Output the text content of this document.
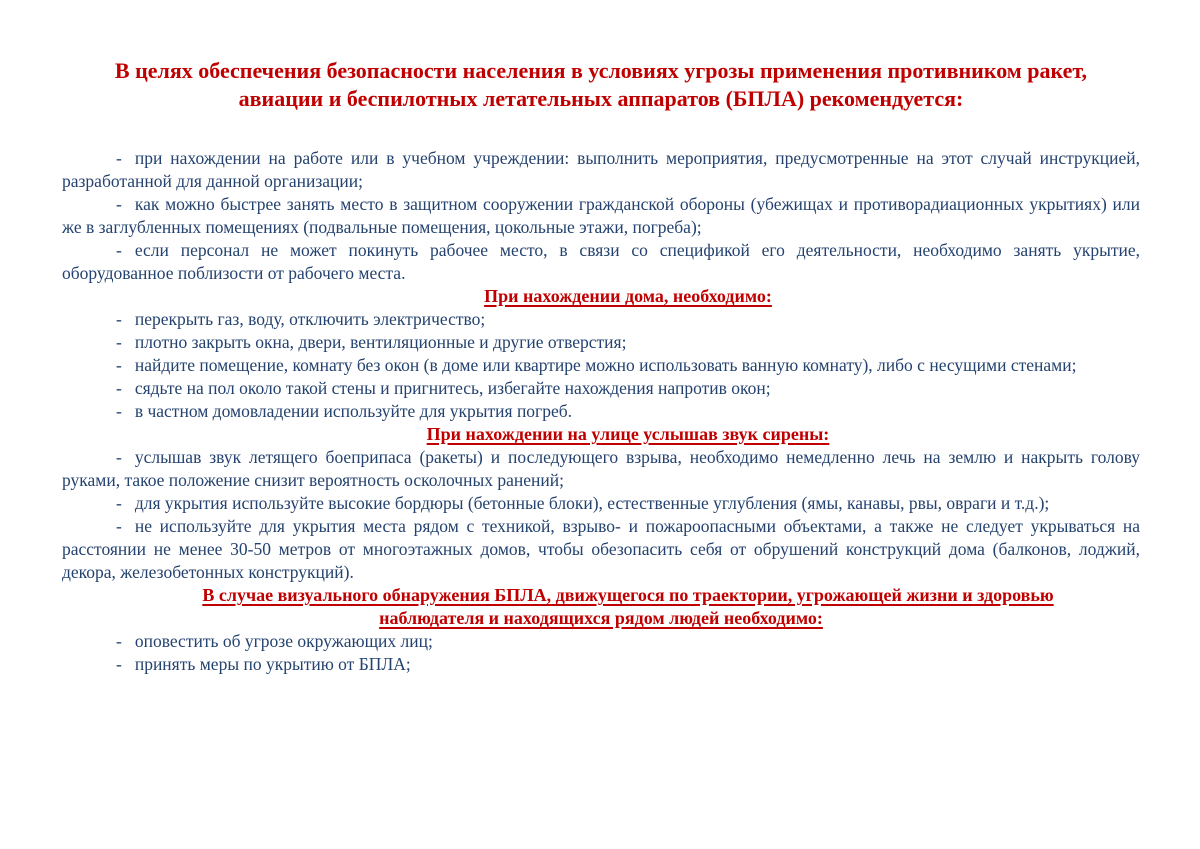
В целях обеспечения безопасности населения в условиях угрозы применения противником ракет,
авиации и беспилотных летательных аппаратов (БПЛА) рекомендуется:

- при нахождении на работе или в учебном учреждении: выполнить мероприятия, предусмотренные на этот случай инструкцией, разработанной для данной организации;

- как можно быстрее занять место в защитном сооружении гражданской обороны (убежищах и противорадиационных укрытиях) или же в заглубленных помещениях (подвальные помещения, цокольные этажи, погреба);

- если персонал не может покинуть рабочее место, в связи со спецификой его деятельности, необходимо занять укрытие, оборудованное поблизости от рабочего места.

При нахождении дома, необходимо:

- перекрыть газ, воду, отключить электричество;

- плотно закрыть окна, двери, вентиляционные и другие отверстия;

- найдите помещение, комнату без окон (в доме или квартире можно использовать ванную комнату), либо с несущими стенами;

- сядьте на пол около такой стены и пригнитесь, избегайте нахождения напротив окон;

- в частном домовладении используйте для укрытия погреб.

При нахождении на улице услышав звук сирены:

- услышав звук летящего боеприпаса (ракеты) и последующего взрыва, необходимо немедленно лечь на землю и накрыть голову руками, такое положение снизит вероятность осколочных ранений;

- для укрытия используйте высокие бордюры (бетонные блоки), естественные углубления (ямы, канавы, рвы, овраги и т.д.);

- не используйте для укрытия места рядом с техникой, взрыво- и пожароопасными объектами, а также не следует укрываться на расстоянии не менее 30-50 метров от многоэтажных домов, чтобы обезопасить себя от обрушений конструкций дома (балконов, лоджий, декора, железобетонных конструкций).

В случае визуального обнаружения БПЛА, движущегося по траектории, угрожающей жизни и здоровью
наблюдателя и находящихся рядом людей необходимо:

- оповестить об угрозе окружающих лиц;

- принять меры по укрытию от БПЛА;
